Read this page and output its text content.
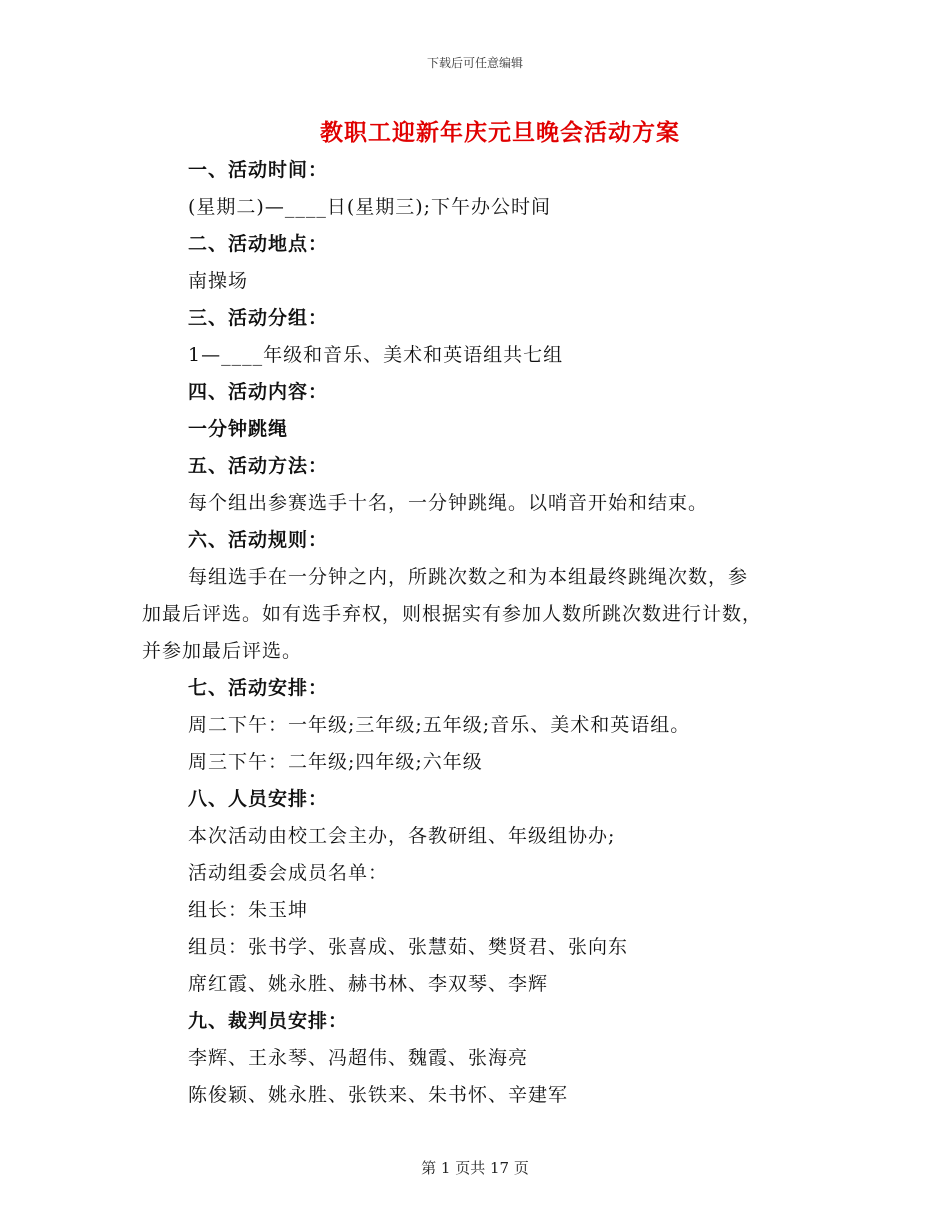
下载后可任意编辑
教职工迎新年庆元旦晚会活动方案
一、活动时间：
(星期二)—____日(星期三);下午办公时间
二、活动地点：
南操场
三、活动分组：
1—____年级和音乐、美术和英语组共七组
四、活动内容：
一分钟跳绳
五、活动方法：
每个组出参赛选手十名，一分钟跳绳。以哨音开始和结束。
六、活动规则：
每组选手在一分钟之内，所跳次数之和为本组最终跳绳次数，参
加最后评选。如有选手弃权，则根据实有参加人数所跳次数进行计数，
并参加最后评选。
七、活动安排：
周二下午：一年级;三年级;五年级;音乐、美术和英语组。
周三下午：二年级;四年级;六年级
八、人员安排：
本次活动由校工会主办，各教研组、年级组协办;
活动组委会成员名单：
组长：朱玉坤
组员：张书学、张喜成、张慧茹、樊贤君、张向东
席红霞、姚永胜、赫书林、李双琴、李辉
九、裁判员安排：
李辉、王永琴、冯超伟、魏霞、张海亮
陈俊颖、姚永胜、张铁来、朱书怀、辛建军
第 1 页共 17 页
